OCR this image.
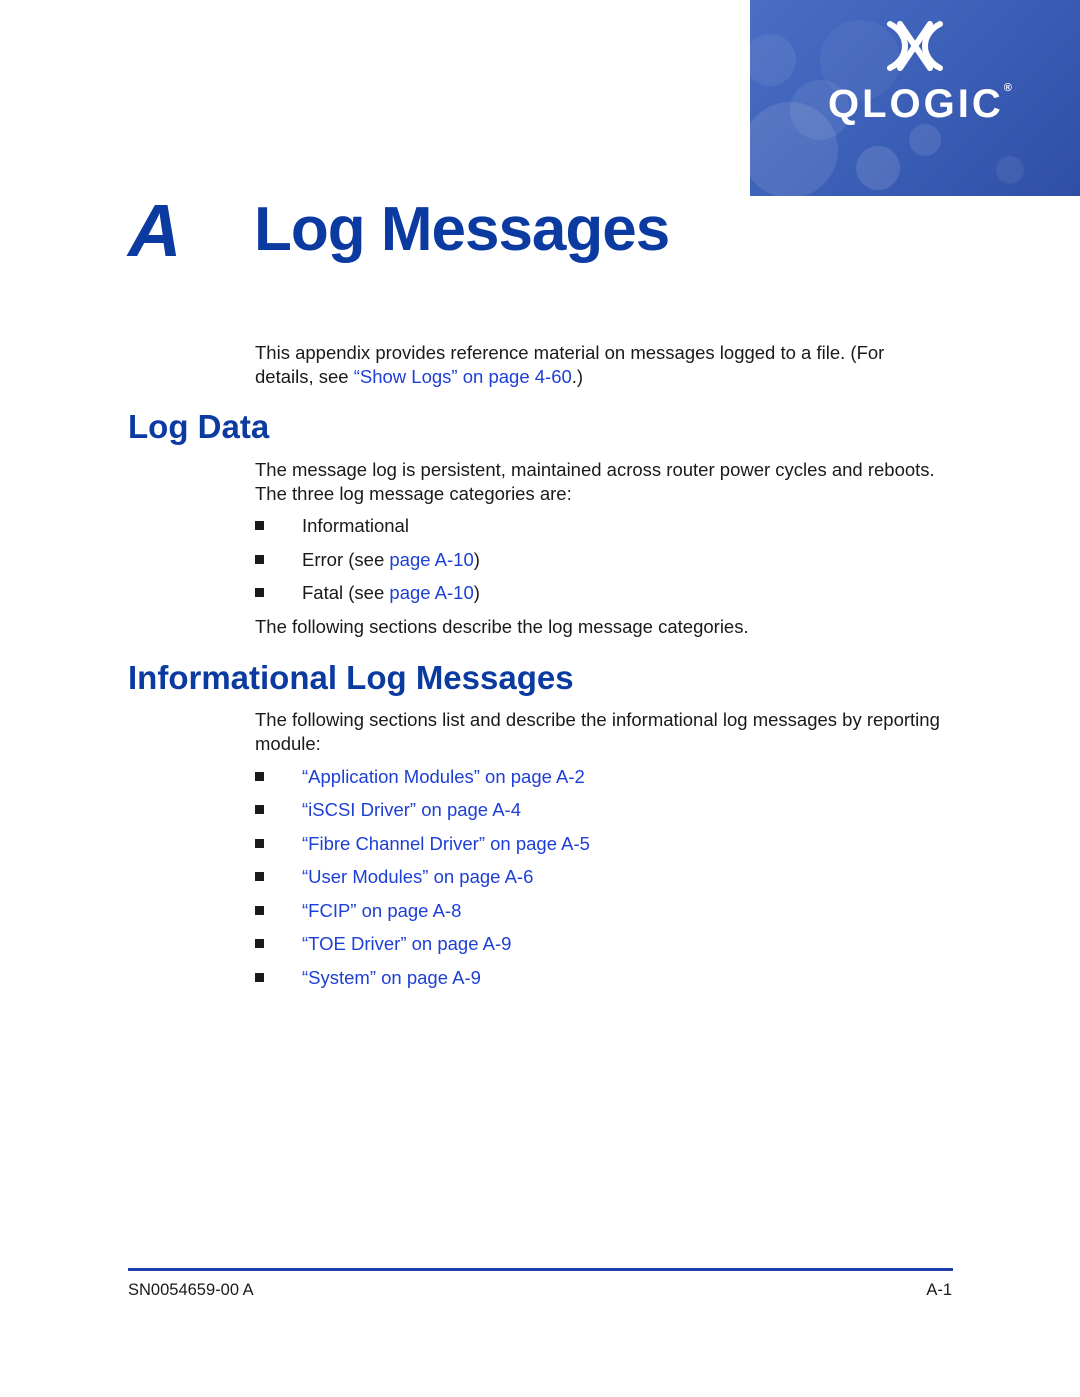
QLOGIC®
A Log Messages
This appendix provides reference material on messages logged to a file. (For details, see “Show Logs” on page 4-60.)
Log Data
The message log is persistent, maintained across router power cycles and reboots. The three log message categories are:
Informational
Error (see page A-10)
Fatal (see page A-10)
The following sections describe the log message categories.
Informational Log Messages
The following sections list and describe the informational log messages by reporting module:
“Application Modules” on page A-2
“iSCSI Driver” on page A-4
“Fibre Channel Driver” on page A-5
“User Modules” on page A-6
“FCIP” on page A-8
“TOE Driver” on page A-9
“System” on page A-9
SN0054659-00 A	A-1
